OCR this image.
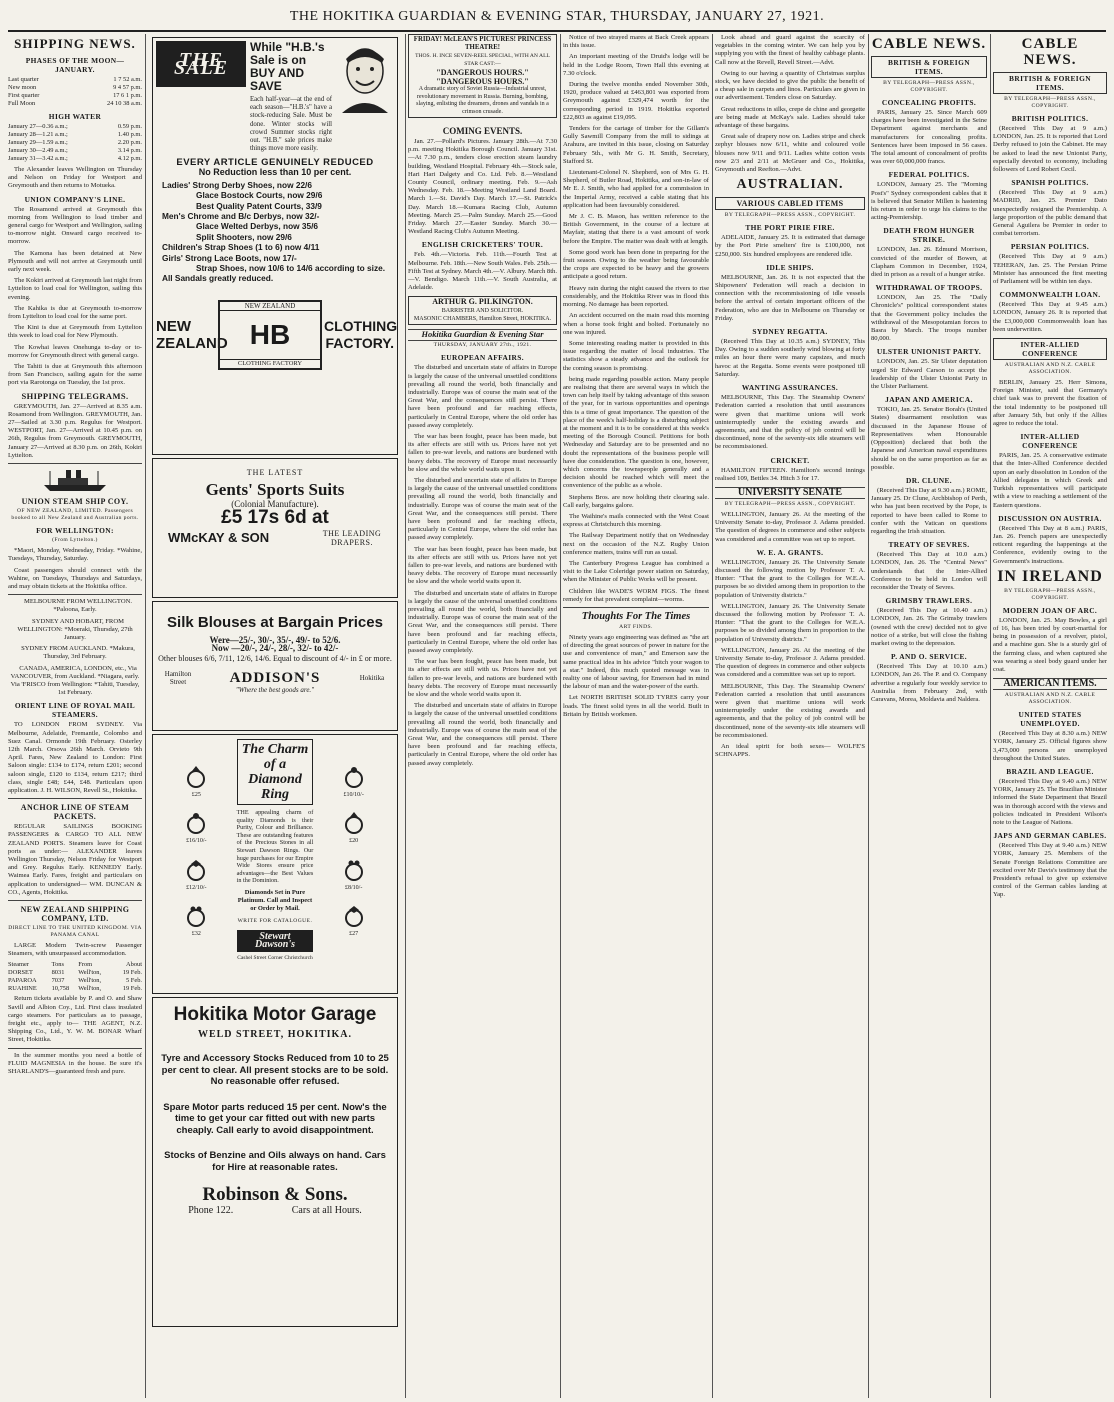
THE HOKITIKA GUARDIAN & EVENING STAR, THURSDAY, JANUARY 27, 1921.
SHIPPING NEWS.
PHASES OF THE MOON—JANUARY.
Last quarter	1 7 52 a.m.
New moon	9 4 57 p.m.
First quarter	17 6 1 p.m.
Full Moon	24 10 38 a.m.
HIGH WATER
January 27—0.36 a.m.;	0.59 p.m.
January 28—1.21 a.m.;	1.40 p.m.
January 29—1.59 a.m.;	2.20 p.m.
January 30—2.49 a.m.;	3.14 p.m.
January 31—3.42 a.m.;	4.12 p.m.

The Alexander leaves Wellington on Thursday and Nelson on Friday for Westport and Greymouth and then returns to Motueka.

UNION COMPANY'S LINE.

The Rosamond arrived at Greymouth this morning from Wellington to load timber and general cargo for Westport and Wellington, sailing to-morrow night. Onward cargo received to-morrow.

The Kamona has been detained at New Plymouth and will not arrive at Greymouth until early next week.

The Kokiri arrived at Greymouth last night from Lyttelton to load coal for Wellington, sailing this evening.

The Kahika is due at Greymouth to-morrow from Lyttelton to load coal for the same port.

The Kini is due at Greymouth from Lyttelton this week to load coal for New Plymouth.

The Kowhai leaves Onehunga to-day or to-morrow for Greymouth direct with general cargo.

The Tahiti is due at Greymouth this afternoon from San Francisco, sailing again for the same port via Rarotonga on Tuesday, the 1st prox.

SHIPPING TELEGRAMS.

GREYMOUTH, Jan. 27—Arrived at 8.35 a.m. Rosamond from Wellington. GREYMOUTH, Jan. 27—Sailed at 3.30 p.m. Regulus for Westport. WESTPORT, Jan. 27—Arrived at 10.45 p.m. on 26th, Regulus from Greymouth. GREYMOUTH, January 27—Arrived at 8.30 p.m. on 26th, Kokiri Lyttelton.

UNION STEAM SHIP COY.
OF NEW ZEALAND, LIMITED. Passengers booked to all New Zealand and Australian ports.
FOR WELLINGTON:
(From Lyttelton.)

*Maori, Monday, Wednesday, Friday. *Wahine, Tuesdays, Thursday, Saturday.

Coast passengers should connect with the Wahine, on Tuesdays, Thursdays and Saturdays, and may obtain tickets at the Hokitika office.

MELBOURNE FROM WELLINGTON. *Paloona, Early.

SYDNEY AND HOBART, FROM WELLINGTON: *Moeraki, Thursday, 27th January.

SYDNEY FROM AUCKLAND. *Makura, Thursday, 3rd February.

CANADA, AMERICA, LONDON, etc., Via VANCOUVER, from Auckland. *Niagara, early. Via 'FRISCO from Wellington: *Tahiti, Tuesday, 1st February.

ORIENT LINE OF ROYAL MAIL STEAMERS.

TO LONDON FROM SYDNEY. Via Melbourne, Adelaide, Fremantle, Colombo and Suez Canal. Ormonde 19th February. Osterley 12th March. Orsova 26th March. Orvieto 9th April. Fares, New Zealand to London: First Saloon single: £134 to £174, return £201; second saloon single, £120 to £134, return £217; third class, single £48; £44, £48. Particulars upon application. J. H. WILSON, Revell St., Hokitika.

ANCHOR LINE OF STEAM PACKETS.

REGULAR SAILINGS BOOKING PASSENGERS & CARGO TO ALL NEW ZEALAND PORTS. Steamers leave for Coast ports as under:— ALEXANDER leaves Wellington Thursday, Nelson Friday for Westport and Grey. Regulus Early. KENNEDY Early. Waimea Early. Fares, freight and particulars on application to undersigned— WM. DUNCAN & CO., Agents, Hokitika.

NEW ZEALAND SHIPPING COMPANY, LTD.
DIRECT LINE TO THE UNITED KINGDOM. VIA PANAMA CANAL

LARGE Modern Twin-screw Passenger Steamers, with unsurpassed accommodation.

Steamer	Tons	From	About
DORSET	8031	Well'ton,	19 Feb.
PAPAROA	7037	Well'ton,	5 Feb.
RUAHINE	10,758	Well'ton,	19 Feb.

Return tickets available by P. and O. and Shaw Savill and Albion Coy., Ltd. First class insulated cargo steamers. For particulars as to passage, freight etc., apply to— THE AGENT, N.Z. Shipping Co., Ltd., Y. W. M. BONAR Wharf Street, Hokitika.

In the summer months you need a bottle of FLUID MAGNESIA in the house. Be sure it's SHARLAND'S—guaranteed fresh and pure.

THE SALE
While "H.B.'s Sale is on BUY AND SAVE
Each half-year—at the end of each season—"H.B.'s" have a stock-reducing Sale. Must be done. Winter stocks will crowd Summer stocks right out. "H.B." sale prices make things move more easily.
EVERY ARTICLE GENUINELY REDUCED
No Reduction less than 10 per cent.
Ladies' Strong Derby Shoes, now 22/6
Glace Bostock Courts, now 29/6
Best Quality Patent Courts, 33/9
Men's Chrome and B/c Derbys, now 32/-
Glace Welted Derbys, now 35/6
Split Shooters, now 29/6
Children's Strap Shoes (1 to 6) now 4/11
Girls' Strong Lace Boots, now 17/-
Strap Shoes, now 10/6 to 14/6 according to size.
All Sandals greatly reduced.
NEW ZEALAND
NEW ZEALAND
HB
CLOTHING FACTORY
CLOTHING FACTORY.
THE LATEST
Gents' Sports Suits
(Colonial Manufacture).
£5 17s 6d at
WMcKAY & SON	THE LEADING DRAPERS.
Silk Blouses at Bargain Prices
Were—25/-, 30/-, 35/-, 49/- to 52/6.
Now —20/-, 24/-, 28/-, 32/- to 42/-
Other blouses 6/6, 7/11, 12/6, 14/6. Equal to discount of 4/- in £ or more.
Hamilton Street	ADDISON'S	Hokitika
"Where the best goods are."
£25
£16/10/-
£12/10/-
£32
The Charm of a Diamond Ring
THE appealing charm of quality Diamonds is their Purity, Colour and Brilliance. These are outstanding features of the Precious Stones in all Stewart Dawson Rings. Our huge purchases for our Empire Wide Stores ensure price advantages—the Best Values in the Dominion.
Diamonds Set in Pure Platinum. Call and Inspect or Order by Mail.
WRITE FOR CATALOGUE.
Stewart Dawson's
Cashel Street Corner Christchurch
£10/10/-
£20
£8/10/-
£27
Hokitika Motor Garage
WELD STREET, HOKITIKA.
Tyre and Accessory Stocks Reduced from 10 to 25 per cent to clear. All present stocks are to be sold. No reasonable offer refused.
Spare Motor parts reduced 15 per cent. Now's the time to get your car fitted out with new parts cheaply. Call early to avoid disappointment.
Stocks of Benzine and Oils always on hand. Cars for Hire at reasonable rates.
Robinson & Sons.
Phone 122.	Cars at all Hours.
FRIDAY! McLEAN'S PICTURES! PRINCESS THEATRE!
THOS. H. INCE SEVEN-REEL SPECIAL, WITH AN ALL STAR CAST:—
"DANGEROUS HOURS." "DANGEROUS HOURS."
A dramatic story of Soviet Russia—Industrial unrest, revolutionary movement in Russia. Burning, bombing, slaying, enlisting the dreamers, drones and vandals in a crimson crusade.
COMING EVENTS.

Jan. 27.—Pollard's Pictures. January 28th.—At 7.30 p.m. meeting Hokitika Borough Council. January 31st.—At 7.30 p.m., tenders close erection steam laundry building, Westland Hospital. February 4th.—Stock sale, Hari Hari Dalgety and Co. Ltd. Feb. 8.—Westland County Council, ordinary meeting. Feb. 9.—Ash Wednesday. Feb. 18.—Meeting Westland Land Board. March 1.—St. David's Day. March 17.—St. Patrick's Day. March 18.—Kumara Racing Club, Autumn Meeting. March 25.—Palm Sunday. March 25.—Good Friday. March 27.—Easter Sunday. March 30.—Westland Racing Club's Autumn Meeting.

ENGLISH CRICKETERS' TOUR.

Feb. 4th.—Victoria. Feb. 11th.—Fourth Test at Melbourne. Feb. 18th.—New South Wales. Feb. 25th.—Fifth Test at Sydney. March 4th.—V. Albury. March 8th.—V. Bendigo. March 11th.—V. South Australia, at Adelaide.

ARTHUR G. PILKINGTON.
BARRISTER AND SOLICITOR.
MASONIC CHAMBERS, Hamilton Street, HOKITIKA.
Hokitika Guardian & Evening Star
THURSDAY, JANUARY 27th., 1921.
EUROPEAN AFFAIRS.

The disturbed and uncertain state of affairs in Europe is largely the cause of the universal unsettled conditions prevailing all round the world, both financially and industrially. Europe was of course the main seat of the Great War, and the consequences still persist. There have been profound and far reaching effects, particularly in Central Europe, where the old order has passed away completely.

The war has been fought, peace has been made, but its after effects are still with us. Prices have not yet fallen to pre-war levels, and nations are burdened with heavy debts. The recovery of Europe must necessarily be slow and the whole world waits upon it.

The disturbed and uncertain state of affairs in Europe is largely the cause of the universal unsettled conditions prevailing all round the world, both financially and industrially. Europe was of course the main seat of the Great War, and the consequences still persist. There have been profound and far reaching effects, particularly in Central Europe, where the old order has passed away completely.

The war has been fought, peace has been made, but its after effects are still with us. Prices have not yet fallen to pre-war levels, and nations are burdened with heavy debts. The recovery of Europe must necessarily be slow and the whole world waits upon it.

The disturbed and uncertain state of affairs in Europe is largely the cause of the universal unsettled conditions prevailing all round the world, both financially and industrially. Europe was of course the main seat of the Great War, and the consequences still persist. There have been profound and far reaching effects, particularly in Central Europe, where the old order has passed away completely.

The war has been fought, peace has been made, but its after effects are still with us. Prices have not yet fallen to pre-war levels, and nations are burdened with heavy debts. The recovery of Europe must necessarily be slow and the whole world waits upon it.

The disturbed and uncertain state of affairs in Europe is largely the cause of the universal unsettled conditions prevailing all round the world, both financially and industrially. Europe was of course the main seat of the Great War, and the consequences still persist. There have been profound and far reaching effects, particularly in Central Europe, where the old order has passed away completely.

Notice of two strayed mares at Back Creek appears in this issue.

An important meeting of the Druid's lodge will be held in the Lodge Room, Town Hall this evening at 7.30 o'clock.

During the twelve months ended November 30th, 1920, produce valued at £463,801 was exported from Greymouth against £329,474 worth for the corresponding period in 1919. Hokitika exported £22,803 as against £19,095.

Tenders for the cartage of timber for the Gillam's Gully Sawmill Company from the mill to sidings at Arahura, are invited in this issue, closing on Saturday February 5th., with Mr G. H. Smith, Secretary, Stafford St.

Lieutenant-Colonel N. Shepherd, son of Mrs G. H. Shepherd, of Butler Road, Hokitika, and son-in-law of Mr E. J. Smith, who had applied for a commission in the Imperial Army, received a cable stating that his application had been favourably considered.

Mr J. C. B. Mason, has written reference to the British Government, in the course of a lecture at Mayfair, stating that there is a vast amount of work before the Empire. The matter was dealt with at length.

Some good work has been done in preparing for the fruit season. Owing to the weather being favourable the crops are expected to be heavy and the growers anticipate a good return.

Heavy rain during the night caused the rivers to rise considerably, and the Hokitika River was in flood this morning. No damage has been reported.

An accident occurred on the main road this morning when a horse took fright and bolted. Fortunately no one was injured.

Some interesting reading matter is provided in this issue regarding the matter of local industries. The statistics show a steady advance and the outlook for the coming season is promising.

being made regarding possible action. Many people are realising that there are several ways in which the town can help itself by taking advantage of this season of the year, for in various opportunities and openings this is a time of great importance. The question of the place of the week's half-holiday is a disturbing subject at the moment and it is to be considered at this week's meeting of the Borough Council. Petitions for both Wednesday and Saturday are to be presented and no doubt the representations of the business people will have due consideration. The question is one, however, which concerns the townspeople generally and a decision should be reached which will meet the convenience of the public as a whole.

Stephens Bros. are now holding their clearing sale. Call early, bargains galore.

The Waihine's mails connected with the West Coast express at Christchurch this morning.

The Railway Department notify that on Wednesday next on the occasion of the N.Z. Rugby Union conference matters, trains will run as usual.

The Canterbury Progress League has combined a visit to the Lake Coleridge power station on Saturday, when the Minister of Public Works will be present.

Children like WADE'S WORM FIGS. The finest remedy for that prevalent complaint—worms.

Thoughts For The Times
ART FINDS.

Ninety years ago engineering was defined as "the art of directing the great sources of power in nature for the use and convenience of man," and Emerson saw the same practical idea in his advice "hitch your wagon to a star." Indeed, this much quoted message was in reality one of labour saving, for Emerson had in mind the labour of man and the water-power of the earth.

Let NORTH BRITISH SOLID TYRES carry your loads. The finest solid tyres in all the world. Built in Britain by British workmen.

Look ahead and guard against the scarcity of vegetables in the coming winter. We can help you by supplying you with the finest of healthy cabbage plants. Call now at the Revell, Revell Street.—Advt.

Owing to our having a quantity of Christmas surplus stock, we have decided to give the public the benefit of a cheap sale in carpets and linos. Particulars are given in our advertisement. Tenders close on Saturday.

Great reductions in silks, crepe de chine and georgette are being made at McKay's sale. Ladies should take advantage of these bargains.

Great sale of drapery now on. Ladies stripe and check zephyr blouses now 6/11, white and coloured voile blouses now 9/11 and 9/11. Ladies white cotton vests now 2/3 and 2/11 at McGruer and Co., Hokitika, Greymouth and Reefton.—Advt.

AUSTRALIAN.
VARIOUS CABLED ITEMS
BY TELEGRAPH—PRESS ASSN., COPYRIGHT.
THE PORT PIRIE FIRE.

ADELAIDE, January 25. It is estimated that damage by the Port Pirie smelters' fire is £100,000, not £250,000. Six hundred employees are rendered idle.

IDLE SHIPS.

MELBOURNE, Jan. 26. It is not expected that the Shipowners' Federation will reach a decision in connection with the recommissioning of idle vessels before the arrival of certain important officers of the Federation, who are due in Melbourne on Thursday or Friday.

SYDNEY REGATTA.

(Received This Day at 10.35 a.m.) SYDNEY, This Day. Owing to a sudden southerly wind blowing at forty miles an hour there were many capsizes, and much havoc at the Regatta. Some events were postponed till Saturday.

WANTING ASSURANCES.

MELBOURNE, This Day. The Steamship Owners' Federation carried a resolution that until assurances were given that maritime unions will work uninterruptedly under the existing awards and agreements, and that the policy of job control will be discontinued, none of the seventy-six idle steamers will be recommissioned.

CRICKET.

HAMILTON FIFTEEN. Hamilton's second innings realised 109, Bettles 34. Hitch 3 for 17.

UNIVERSITY SENATE
BY TELEGRAPH—PRESS ASSN., COPYRIGHT.

WELLINGTON, January 26. At the meeting of the University Senate to-day, Professor J. Adams presided. The question of degrees in commerce and other subjects was considered and a committee was set up to report.

W. E. A. GRANTS.

WELLINGTON, January 26. The University Senate discussed the following motion by Professor T. A. Hunter: "That the grant to the Colleges for W.E.A. purposes be so divided among them in proportion to the population of University districts."

WELLINGTON, January 26. The University Senate discussed the following motion by Professor T. A. Hunter: "That the grant to the Colleges for W.E.A. purposes be so divided among them in proportion to the population of University districts."

WELLINGTON, January 26. At the meeting of the University Senate to-day, Professor J. Adams presided. The question of degrees in commerce and other subjects was considered and a committee was set up to report.

MELBOURNE, This Day. The Steamship Owners' Federation carried a resolution that until assurances were given that maritime unions will work uninterruptedly under the existing awards and agreements, and that the policy of job control will be discontinued, none of the seventy-six idle steamers will be recommissioned.

An ideal spirit for both sexes— WOLFE'S SCHNAPPS.

CABLE NEWS.
BRITISH & FOREIGN ITEMS.
BY TELEGRAPH—PRESS ASSN., COPYRIGHT.
CONCEALING PROFITS.

PARIS, January 25. Since March 609 charges have been investigated in the Seine Department against merchants and manufacturers for concealing profits. Sentences have been imposed in 56 cases. The total amount of concealment of profits was over 60,000,000 francs.

FEDERAL POLITICS.

LONDON, January 25. The "Morning Post's" Sydney correspondent cables that it is believed that Senator Millen is hastening his return in order to urge his claims to the acting-Premiership.

DEATH FROM HUNGER STRIKE.

LONDON, Jan. 26. Edmund Morrison, convicted of the murder of Bowen, at Clapham Common in December, 1924, died in prison as a result of a hunger strike.

WITHDRAWAL OF TROOPS.

LONDON, Jan 25. The "Daily Chronicle's" political correspondent states that the Government policy includes the withdrawal of the Mesopotamian forces to Basra by March. The troops number 80,000.

ULSTER UNIONIST PARTY.

LONDON, Jan. 25. Sir Ulster deputation urged Sir Edward Carson to accept the leadership of the Ulster Unionist Party in the Ulster Parliament.

JAPAN AND AMERICA.

TOKIO, Jan. 25. Senator Borah's (United States) disarmament resolution was discussed in the Japanese House of Representatives when Honourable (Opposition) declared that both the Japanese and American naval expenditures should be on the same proportion as far as possible.

DR. CLUNE.

(Received This Day at 9.30 a.m.) ROME, January 25. Dr Clune, Archbishop of Perth, who has just been received by the Pope, is reported to have been called to Rome to confer with the Vatican on questions regarding the Irish situation.

TREATY OF SEVRES.

(Received This Day at 10.0 a.m.) LONDON, Jan. 26. The "Central News" understands that the Inter-Allied Conference to be held in London will reconsider the Treaty of Sevres.

GRIMSBY TRAWLERS.

(Received This Day at 10.40 a.m.) LONDON, Jan. 26. The Grimsby trawlers (owned with the crew) decided not to give notice of a strike, but will close the fishing market owing to the depression.

P. AND O. SERVICE.

(Received This Day at 10.10 a.m.) LONDON, Jan 26. The P. and O. Company advertise a regularly four weekly service to Australia from February 2nd, with Caravans, Morea, Moldavia and Naldera.

CABLE NEWS.
BRITISH & FOREIGN ITEMS.
BY TELEGRAPH—PRESS ASSN., COPYRIGHT.
BRITISH POLITICS.

(Received This Day at 9 a.m.) LONDON, Jan. 25. It is reported that Lord Derby refused to join the Cabinet. He may be asked to lead the new Unionist Party, especially devoted to economy, including followers of Lord Robert Cecil.

SPANISH POLITICS.

(Received This Day at 9 a.m.) MADRID, Jan. 25. Premier Dato unexpectedly resigned the Premiership. A large proportion of the public demand that General Aguilera be Premier in order to combat terrorism.

PERSIAN POLITICS.

(Received This Day at 9 a.m.) TEHERAN, Jan. 25. The Persian Prime Minister has announced the first meeting of Parliament will be within ten days.

COMMONWEALTH LOAN.

(Received This Day at 9.45 a.m.) LONDON, January 26. It is reported that the £3,000,000 Commonwealth loan has been underwritten.

INTER-ALLIED CONFERENCE
AUSTRALIAN AND N.Z. CABLE ASSOCIATION.

BERLIN, January 25. Herr Simons, Foreign Minister, said that Germany's chief task was to prevent the fixation of the total indemnity to be postponed till after January 5th, but only if the Allies agree to reduce the total.

INTER-ALLIED CONFERENCE

PARIS, Jan. 25. A conservative estimate that the Inter-Allied Conference decided upon an early dissolution in London of the Allied delegates in which Greek and Turkish representatives will participate with a view to reaching a settlement of the Eastern questions.

DISCUSSION ON AUSTRIA.

(Received This Day at 8 a.m.) PARIS, Jan. 26. French papers are unexpectedly reticent regarding the happenings at the Conference, evidently owing to the Government's instructions.

IN IRELAND
BY TELEGRAPH—PRESS ASSN., COPYRIGHT.
MODERN JOAN OF ARC.

LONDON, Jan. 25. May Bowles, a girl of 16, has been tried by court-martial for being in possession of a revolver, pistol, and a machine gun. She is a sturdy girl of the farming class, and when captured she was wearing a steel body guard under her coat.

AMERICAN ITEMS.
AUSTRALIAN AND N.Z. CABLE ASSOCIATION.
UNITED STATES UNEMPLOYED.

(Received This Day at 8.30 a.m.) NEW YORK, January 25. Official figures show 3,473,000 persons are unemployed throughout the United States.

BRAZIL AND LEAGUE.

(Received This Day at 9.40 a.m.) NEW YORK, January 25. The Brazilian Minister informed the State Department that Brazil was in thorough accord with the views and policies indicated in President Wilson's note to the League of Nations.

JAPS AND GERMAN CABLES.

(Received This Day at 9.40 a.m.) NEW YORK, January 25. Members of the Senate Foreign Relations Committee are excited over Mr Davis's testimony that the President's refusal to give up extensive control of the German cables landing at Yap.
